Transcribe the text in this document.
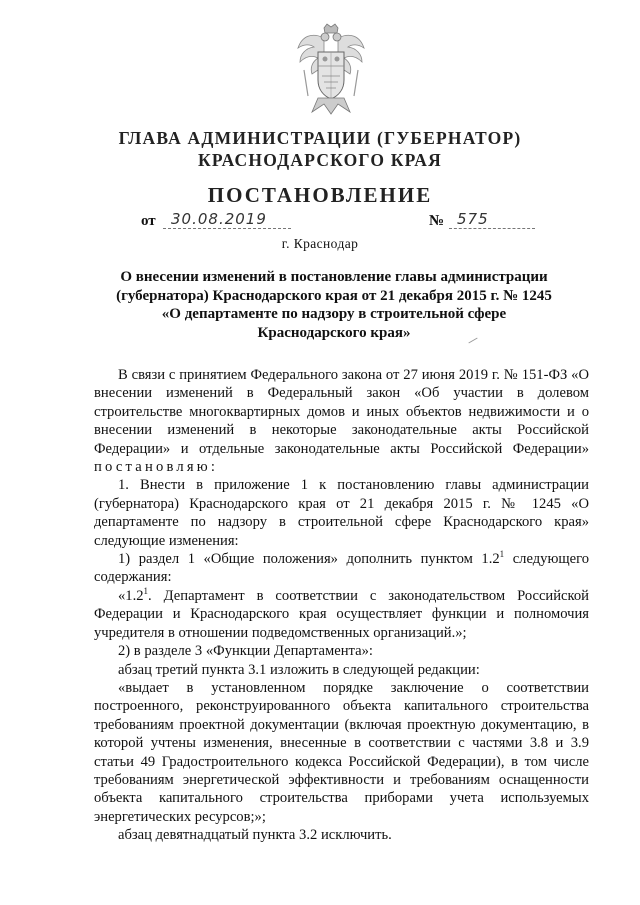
ГЛАВА АДМИНИСТРАЦИИ (ГУБЕРНАТОР)
КРАСНОДАРСКОГО КРАЯ
ПОСТАНОВЛЕНИЕ
от	30.08.2019	№ 575
г. Краснодар
О внесении изменений в постановление главы администрации
(губернатора) Краснодарского края от 21 декабря 2015 г. № 1245
«О департаменте по надзору в строительной сфере
Краснодарского края»

В связи с принятием Федерального закона от 27 июня 2019 г. № 151-ФЗ «О внесении изменений в Федеральный закон «Об участии в долевом строительстве многоквартирных домов и иных объектов недвижимости и о внесении изменений в некоторые законодательные акты Российской Федерации» и отдельные законодательные акты Российской Федерации» постановляю:

1. Внести в приложение 1 к постановлению главы администрации (губернатора) Краснодарского края от 21 декабря 2015 г. № 1245 «О департаменте по надзору в строительной сфере Краснодарского края» следующие изменения:

1) раздел 1 «Общие положения» дополнить пунктом $1.2^1$ следующего содержания:

«$1.2^1$. Департамент в соответствии с законодательством Российской Федерации и Краснодарского края осуществляет функции и полномочия учредителя в отношении подведомственных организаций.»;

2) в разделе 3 «Функции Департамента»:

абзац третий пункта 3.1 изложить в следующей редакции:

«выдает в установленном порядке заключение о соответствии построенного, реконструированного объекта капитального строительства требованиям проектной документации (включая проектную документацию, в которой учтены изменения, внесенные в соответствии с частями 3.8 и 3.9 статьи 49 Градостроительного кодекса Российской Федерации), в том числе требованиям энергетической эффективности и требованиям оснащенности объекта капитального строительства приборами учета используемых энергетических ресурсов;»;

абзац девятнадцатый пункта 3.2 исключить.
